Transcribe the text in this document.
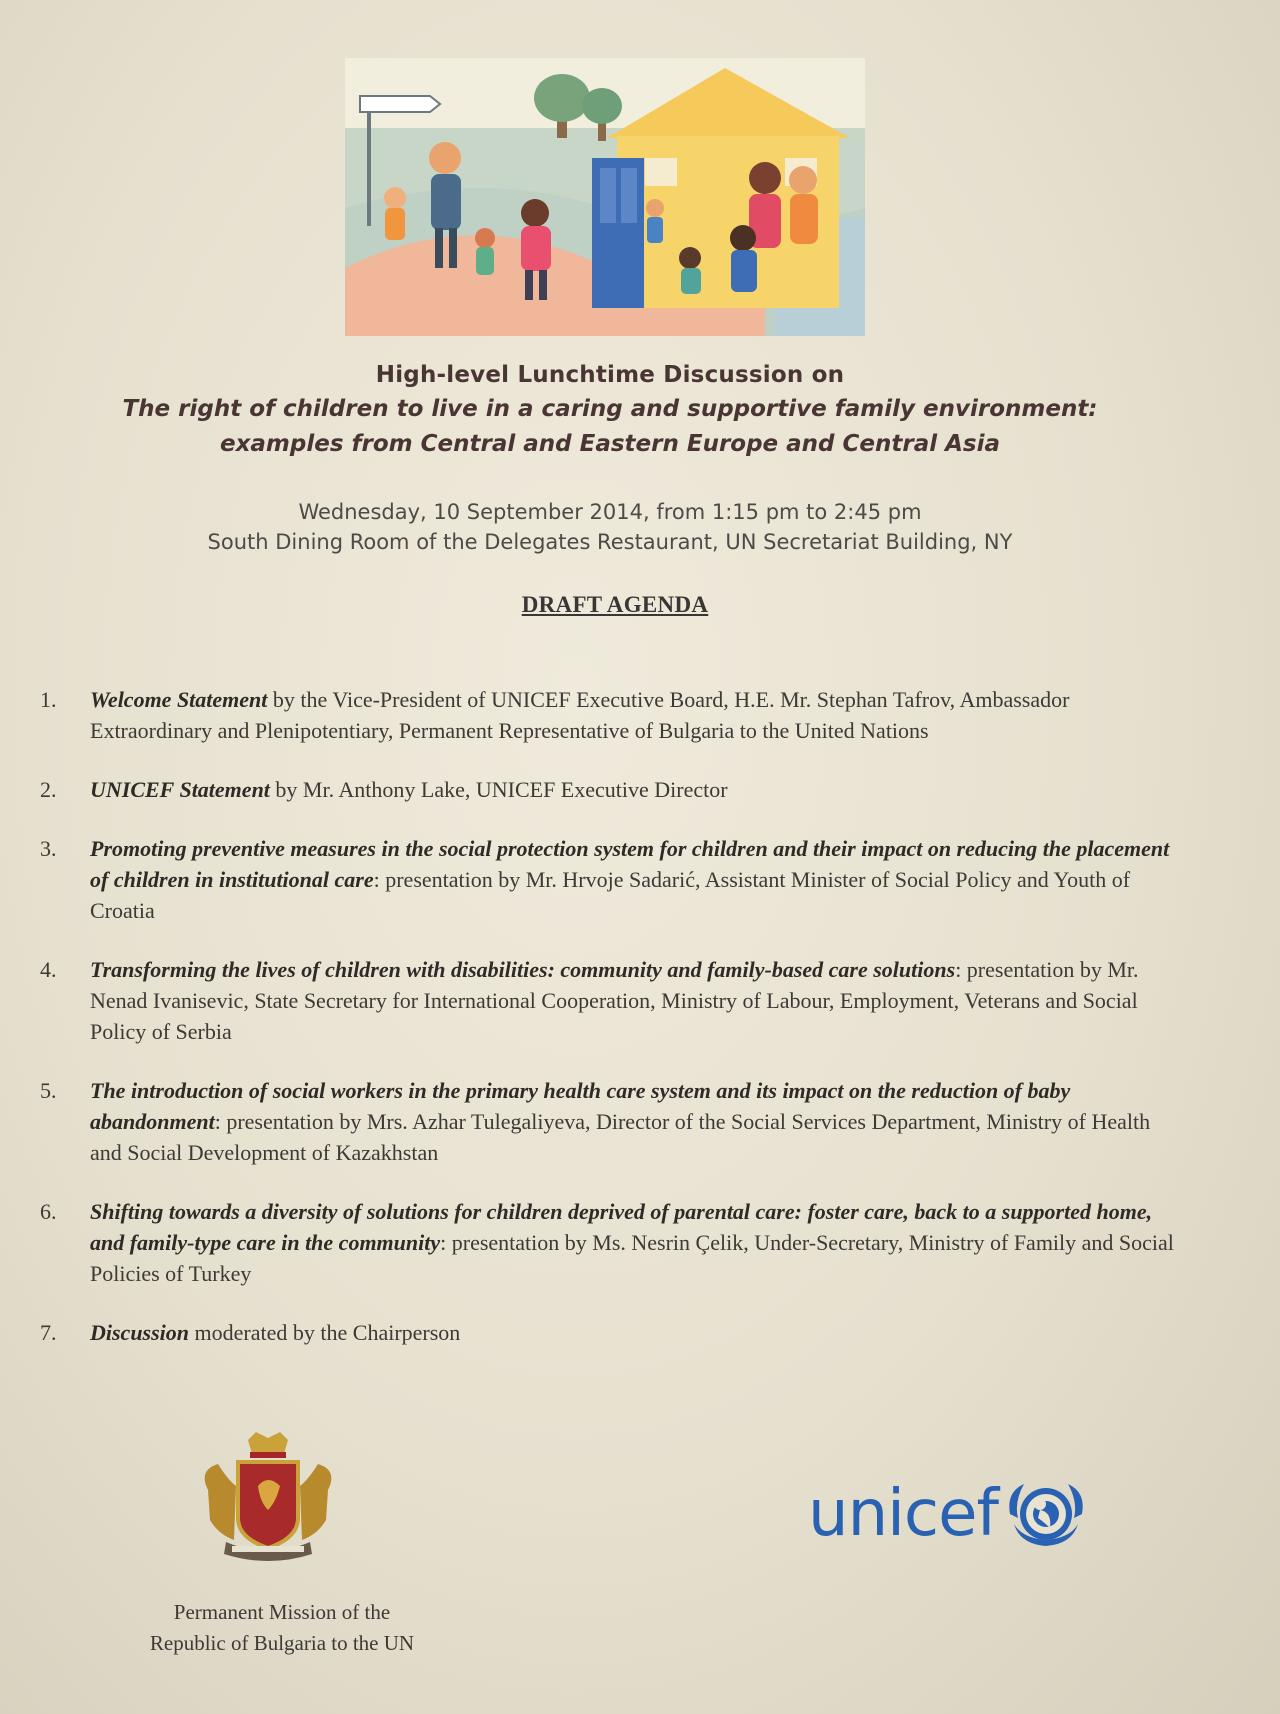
High-level Lunchtime Discussion on

The right of children to live in a caring and supportive family environment: examples from Central and Eastern Europe and Central Asia

Wednesday, 10 September 2014, from 1:15 pm to 2:45 pm

South Dining Room of the Delegates Restaurant, UN Secretariat Building, NY

DRAFT AGENDA

1.	Welcome Statement by the Vice-President of UNICEF Executive Board, H.E. Mr. Stephan Tafrov, Ambassador Extraordinary and Plenipotentiary, Permanent Representative of Bulgaria to the United Nations
2.	UNICEF Statement by Mr. Anthony Lake, UNICEF Executive Director
3.	Promoting preventive measures in the social protection system for children and their impact on reducing the placement of children in institutional care: presentation by Mr. Hrvoje Sadarić, Assistant Minister of Social Policy and Youth of Croatia
4.	Transforming the lives of children with disabilities: community and family-based care solutions: presentation by Mr. Nenad Ivanisevic, State Secretary for International Cooperation, Ministry of Labour, Employment, Veterans and Social Policy of Serbia
5.	The introduction of social workers in the primary health care system and its impact on the reduction of baby abandonment: presentation by Mrs. Azhar Tulegaliyeva, Director of the Social Services Department, Ministry of Health and Social Development of Kazakhstan
6.	Shifting towards a diversity of solutions for children deprived of parental care: foster care, back to a supported home, and family-type care in the community: presentation by Ms. Nesrin Çelik, Under-Secretary, Ministry of Family and Social Policies of Turkey
7.	Discussion moderated by the Chairperson
Permanent Mission of the
Republic of Bulgaria to the UN
unicef
